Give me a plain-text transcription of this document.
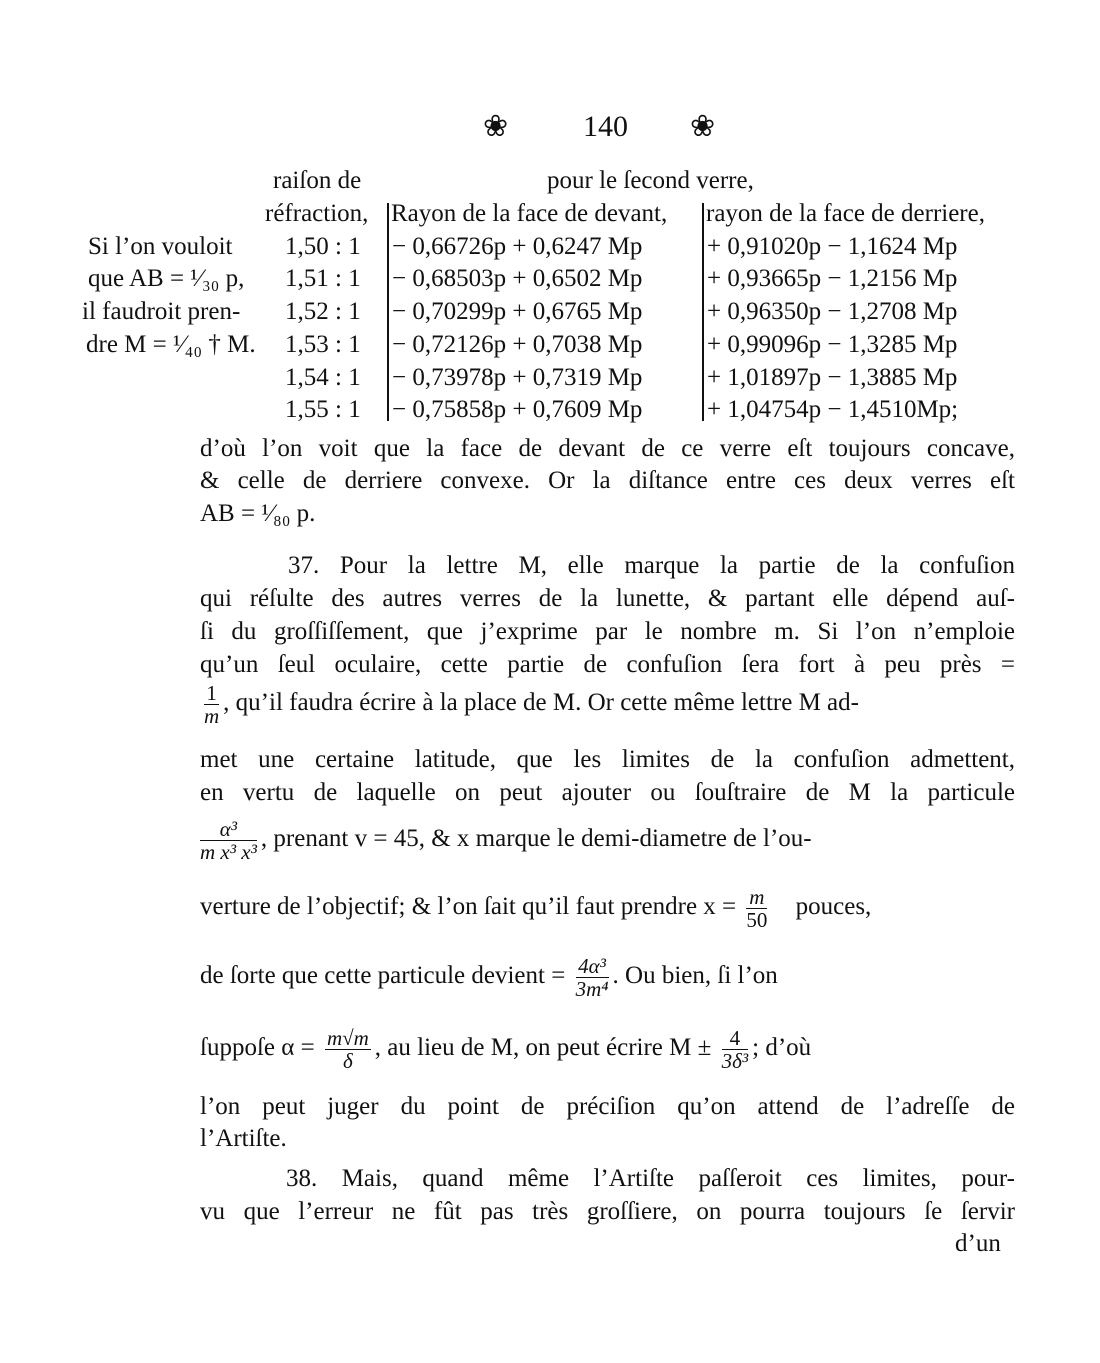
❀ 140 ❀
raiſon de	pour le ſecond verre,
réfraction, Rayon de la face de devant, rayon de la face de derriere,
Si l’on vouloit
que AB = ¹⁄₃₀ p,
il faudroit pren-
dre M = ¹⁄₄₀ † M.
1,50 : 1
1,51 : 1
1,52 : 1
1,53 : 1
1,54 : 1
1,55 : 1
− 0,66726p + 0,6247 Mp
− 0,68503p + 0,6502 Mp
− 0,70299p + 0,6765 Mp
− 0,72126p + 0,7038 Mp
− 0,73978p + 0,7319 Mp
− 0,75858p + 0,7609 Mp
+ 0,91020p − 1,1624 Mp
+ 0,93665p − 1,2156 Mp
+ 0,96350p − 1,2708 Mp
+ 0,99096p − 1,3285 Mp
+ 1,01897p − 1,3885 Mp
+ 1,04754p − 1,4510Mp;
d’où l’on voit que la face de devant de ce verre eſt toujours concave,
& celle de derriere convexe. Or la diſtance entre ces deux verres eſt
AB = ¹⁄₈₀ p.
37. Pour la lettre M, elle marque la partie de la confuſion
qui réſulte des autres verres de la lunette, & partant elle dépend auſ-
ſi du groſſiſſement, que j’exprime par le nombre m. Si l’on n’emploie
qu’un ſeul oculaire, cette partie de confuſion ſera fort à peu près =
$\frac{1}{m}$ , qu’il faudra écrire à la place de M. Or cette même lettre M ad-
met une certaine latitude, que les limites de la confuſion admettent,
en vertu de laquelle on peut ajouter ou ſouſtraire de M la particule
$\frac{\text{α³}}{\text{m x³ x³}}$ , prenant v = 45, & x marque le demi-diametre de l’ou-
verture de l’objectif; & l’on ſait qu’il faut prendre $x = \frac{m}{50}$ pouces,
de ſorte que cette particule devient = $\frac{\text{4α³}}{\text{3m⁴}}$ . Ou bien, ſi l’on
ſuppoſe $\alpha = \frac{m√m}{\delta}$ , au lieu de M, on peut écrire $M \pm \frac{4}{\text{3δ³}}$ ; d’où
l’on peut juger du point de préciſion qu’on attend de l’adreſſe de
l’Artiſte.
38. Mais, quand même l’Artiſte paſſeroit ces limites, pour-
vu que l’erreur ne fût pas très groſſiere, on pourra toujours ſe ſervir
d’un
